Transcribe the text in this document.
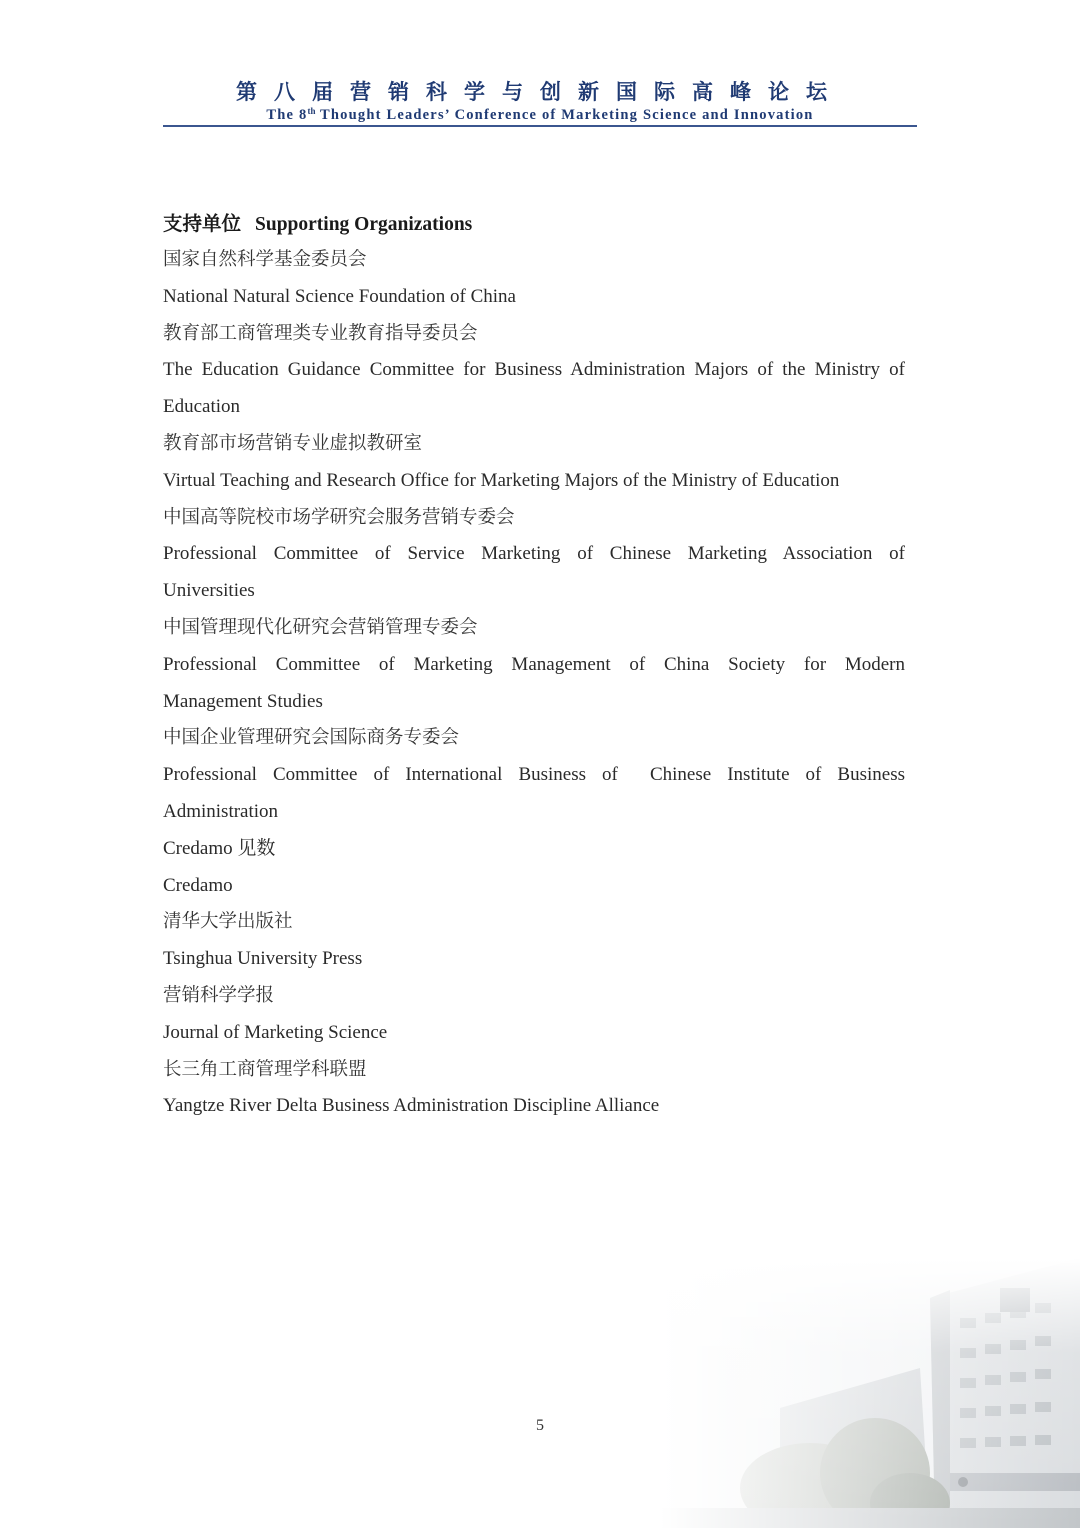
第八届营销科学与创新国际高峰论坛
The 8th Thought Leaders’ Conference of Marketing Science and Innovation
支持单位 Supporting Organizations
国家自然科学基金委员会
National Natural Science Foundation of China
教育部工商管理类专业教育指导委员会
The Education Guidance Committee for Business Administration Majors of the Ministry of
Education
教育部市场营销专业虚拟教研室
Virtual Teaching and Research Office for Marketing Majors of the Ministry of Education
中国高等院校市场学研究会服务营销专委会
Professional Committee of Service Marketing of Chinese Marketing Association of
Universities
中国管理现代化研究会营销管理专委会
Professional Committee of Marketing Management of China Society for Modern
Management Studies
中国企业管理研究会国际商务专委会
Professional Committee of International Business of  Chinese Institute of Business
Administration
Credamo 见数
Credamo
清华大学出版社
Tsinghua University Press
营销科学学报
Journal of Marketing Science
长三角工商管理学科联盟
Yangtze River Delta Business Administration Discipline Alliance
5
